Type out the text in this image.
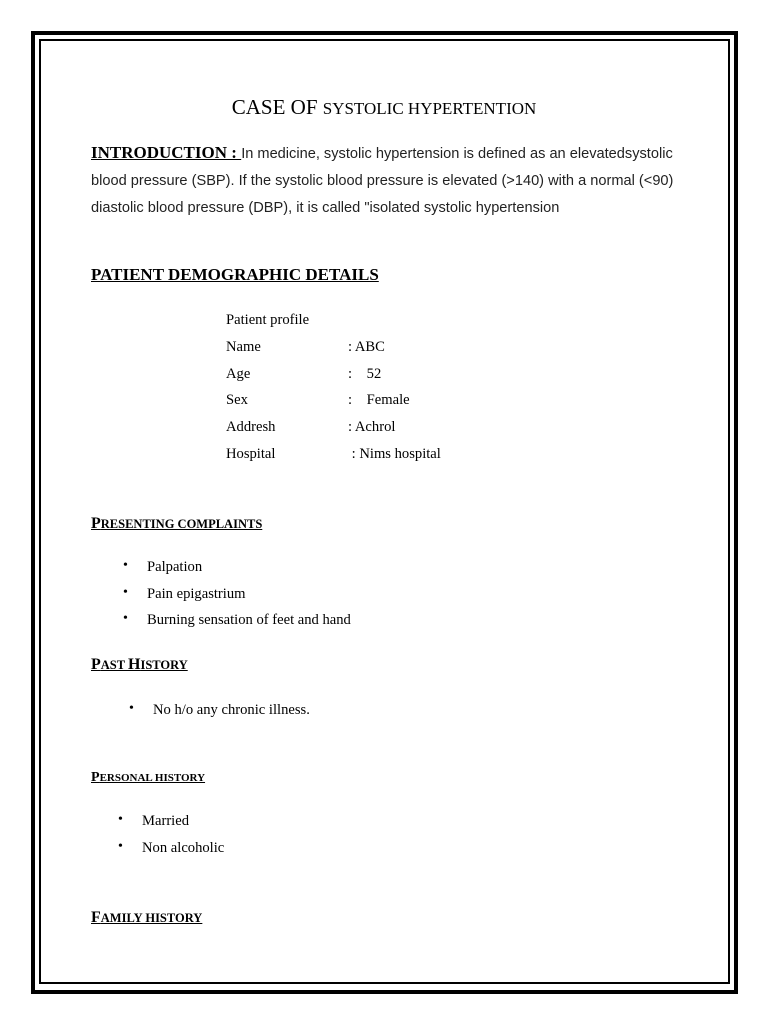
CASE OF SYSTOLIC HYPERTENTION
INTRODUCTION : In medicine, systolic hypertension is defined as an elevatedsystolic blood pressure (SBP). If the systolic blood pressure is elevated (>140) with a normal (<90) diastolic blood pressure (DBP), it is called "isolated systolic hypertension
PATIENT DEMOGRAPHIC DETAILS
Patient profile
Name	: ABC
Age	:    52
Sex	:    Female
Addresh	: Achrol
Hospital	: Nims hospital
PRESENTING COMPLAINTS
• Palpation
• Pain epigastrium
• Burning sensation of feet and hand
PAST HISTORY
• No h/o any chronic illness.
PERSONAL HISTORY
• Married
• Non alcoholic
FAMILY HISTORY
